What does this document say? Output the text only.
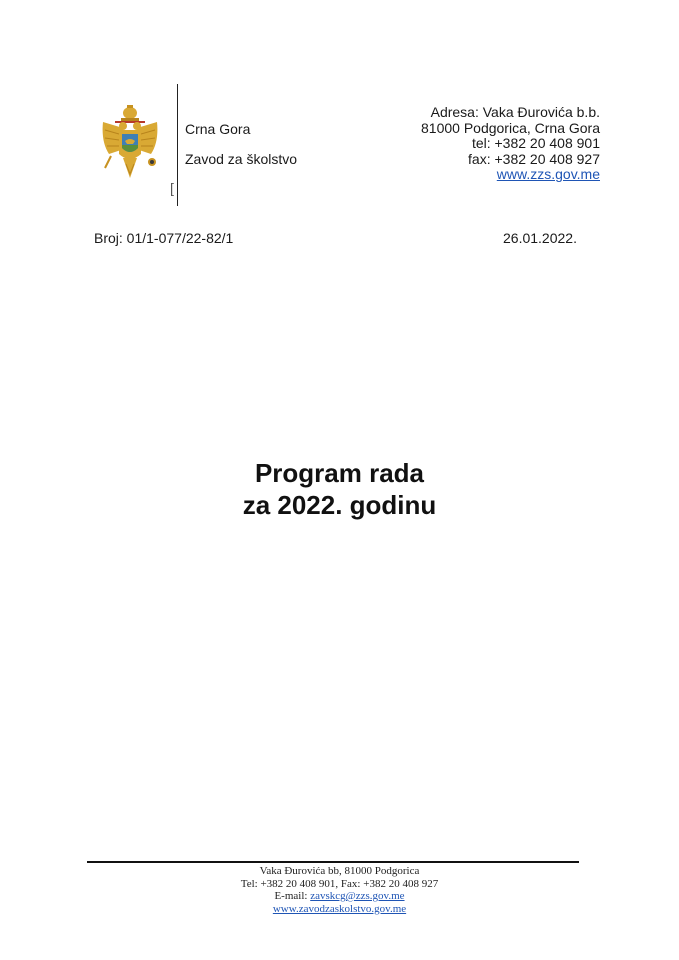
[
Crna Gora
Zavod za školstvo
Adresa: Vaka Đurovića b.b.
81000 Podgorica, Crna Gora
tel: +382 20 408 901
fax: +382 20 408 927
www.zzs.gov.me
Broj: 01/1-077/22-82/1	26.01.2022.
Program rada
za 2022. godinu
Vaka Đurovića bb, 81000 Podgorica
Tel: +382 20 408 901, Fax: +382 20 408 927
E-mail: zavskcg@zzs.gov.me
www.zavodzaskolstvo.gov.me
